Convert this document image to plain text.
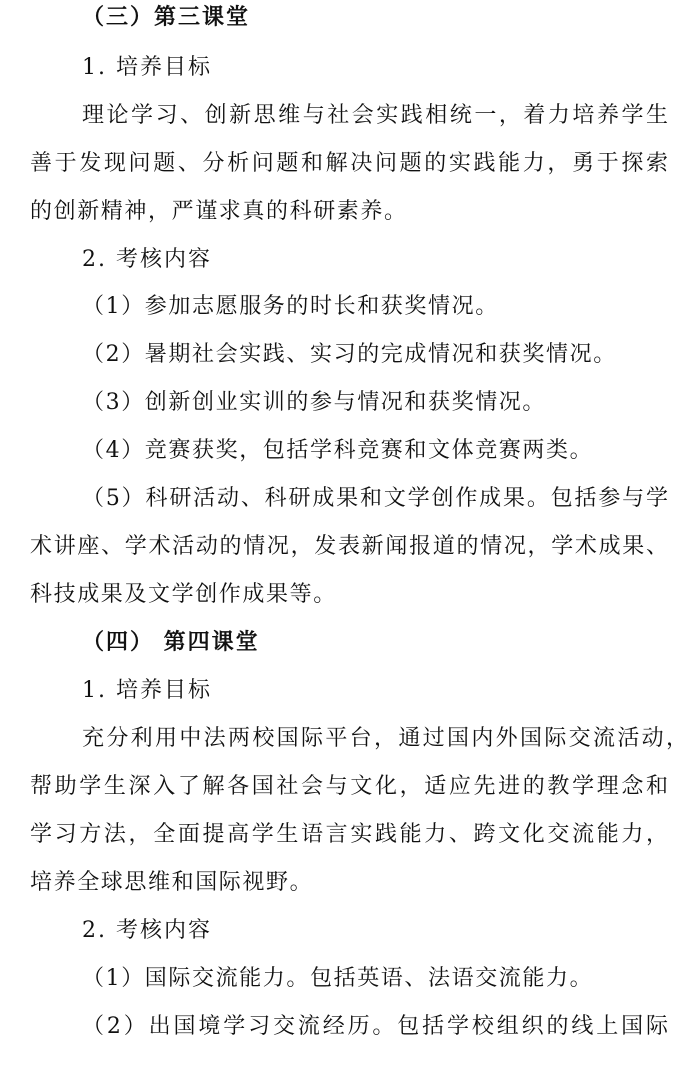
（三）第三课堂
1. 培养目标
理论学习、创新思维与社会实践相统一，着力培养学生
善于发现问题、分析问题和解决问题的实践能力，勇于探索
的创新精神，严谨求真的科研素养。
2. 考核内容
（1）参加志愿服务的时长和获奖情况。
（2）暑期社会实践、实习的完成情况和获奖情况。
（3）创新创业实训的参与情况和获奖情况。
（4）竞赛获奖，包括学科竞赛和文体竞赛两类。
（5）科研活动、科研成果和文学创作成果。包括参与学
术讲座、学术活动的情况，发表新闻报道的情况，学术成果、
科技成果及文学创作成果等。
（四） 第四课堂
1. 培养目标
充分利用中法两校国际平台，通过国内外国际交流活动，
帮助学生深入了解各国社会与文化，适应先进的教学理念和
学习方法，全面提高学生语言实践能力、跨文化交流能力，
培养全球思维和国际视野。
2. 考核内容
（1）国际交流能力。包括英语、法语交流能力。
（2）出国境学习交流经历。包括学校组织的线上国际
